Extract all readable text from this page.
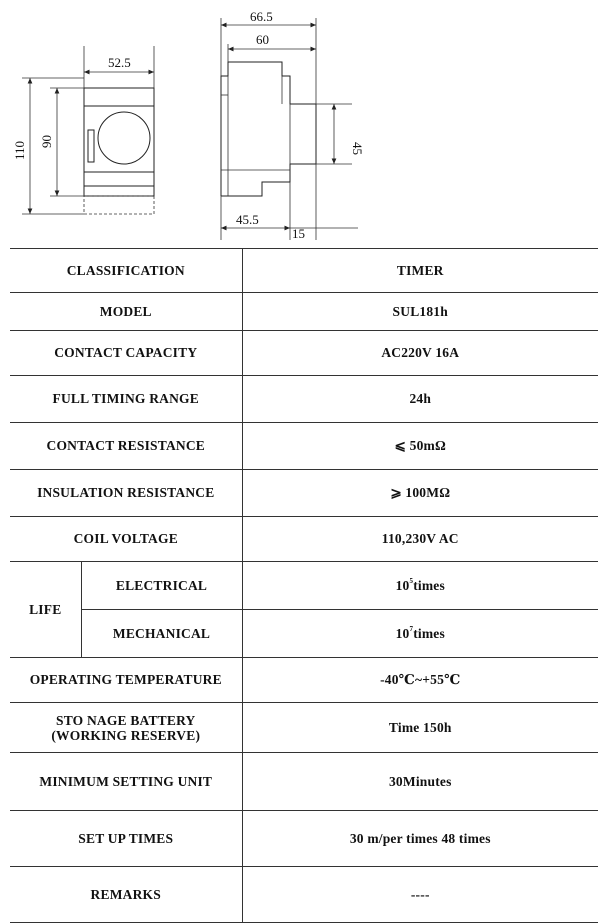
52.5
110 90
66.5
60
45
45.5
15
CLASSIFICATION		TIMER
MODEL		SUL181h
CONTACT CAPACITY		AC220V 16A
FULL TIMING RANGE		24h
CONTACT RESISTANCE		⩽ 50mΩ
INSULATION RESISTANCE		⩾ 100MΩ
COIL VOLTAGE		110,230V AC
LIFE	ELECTRICAL	$10^5times$
	MECHANICAL	$10^7times$
OPERATING TEMPERATURE		-40℃~+55℃

STO NAGE BATTERY
(WORKING RESERVE)		Time 150h
MINIMUM SETTING UNIT		30Minutes
SET UP TIMES		30 m/per times 48 times
REMARKS		----
